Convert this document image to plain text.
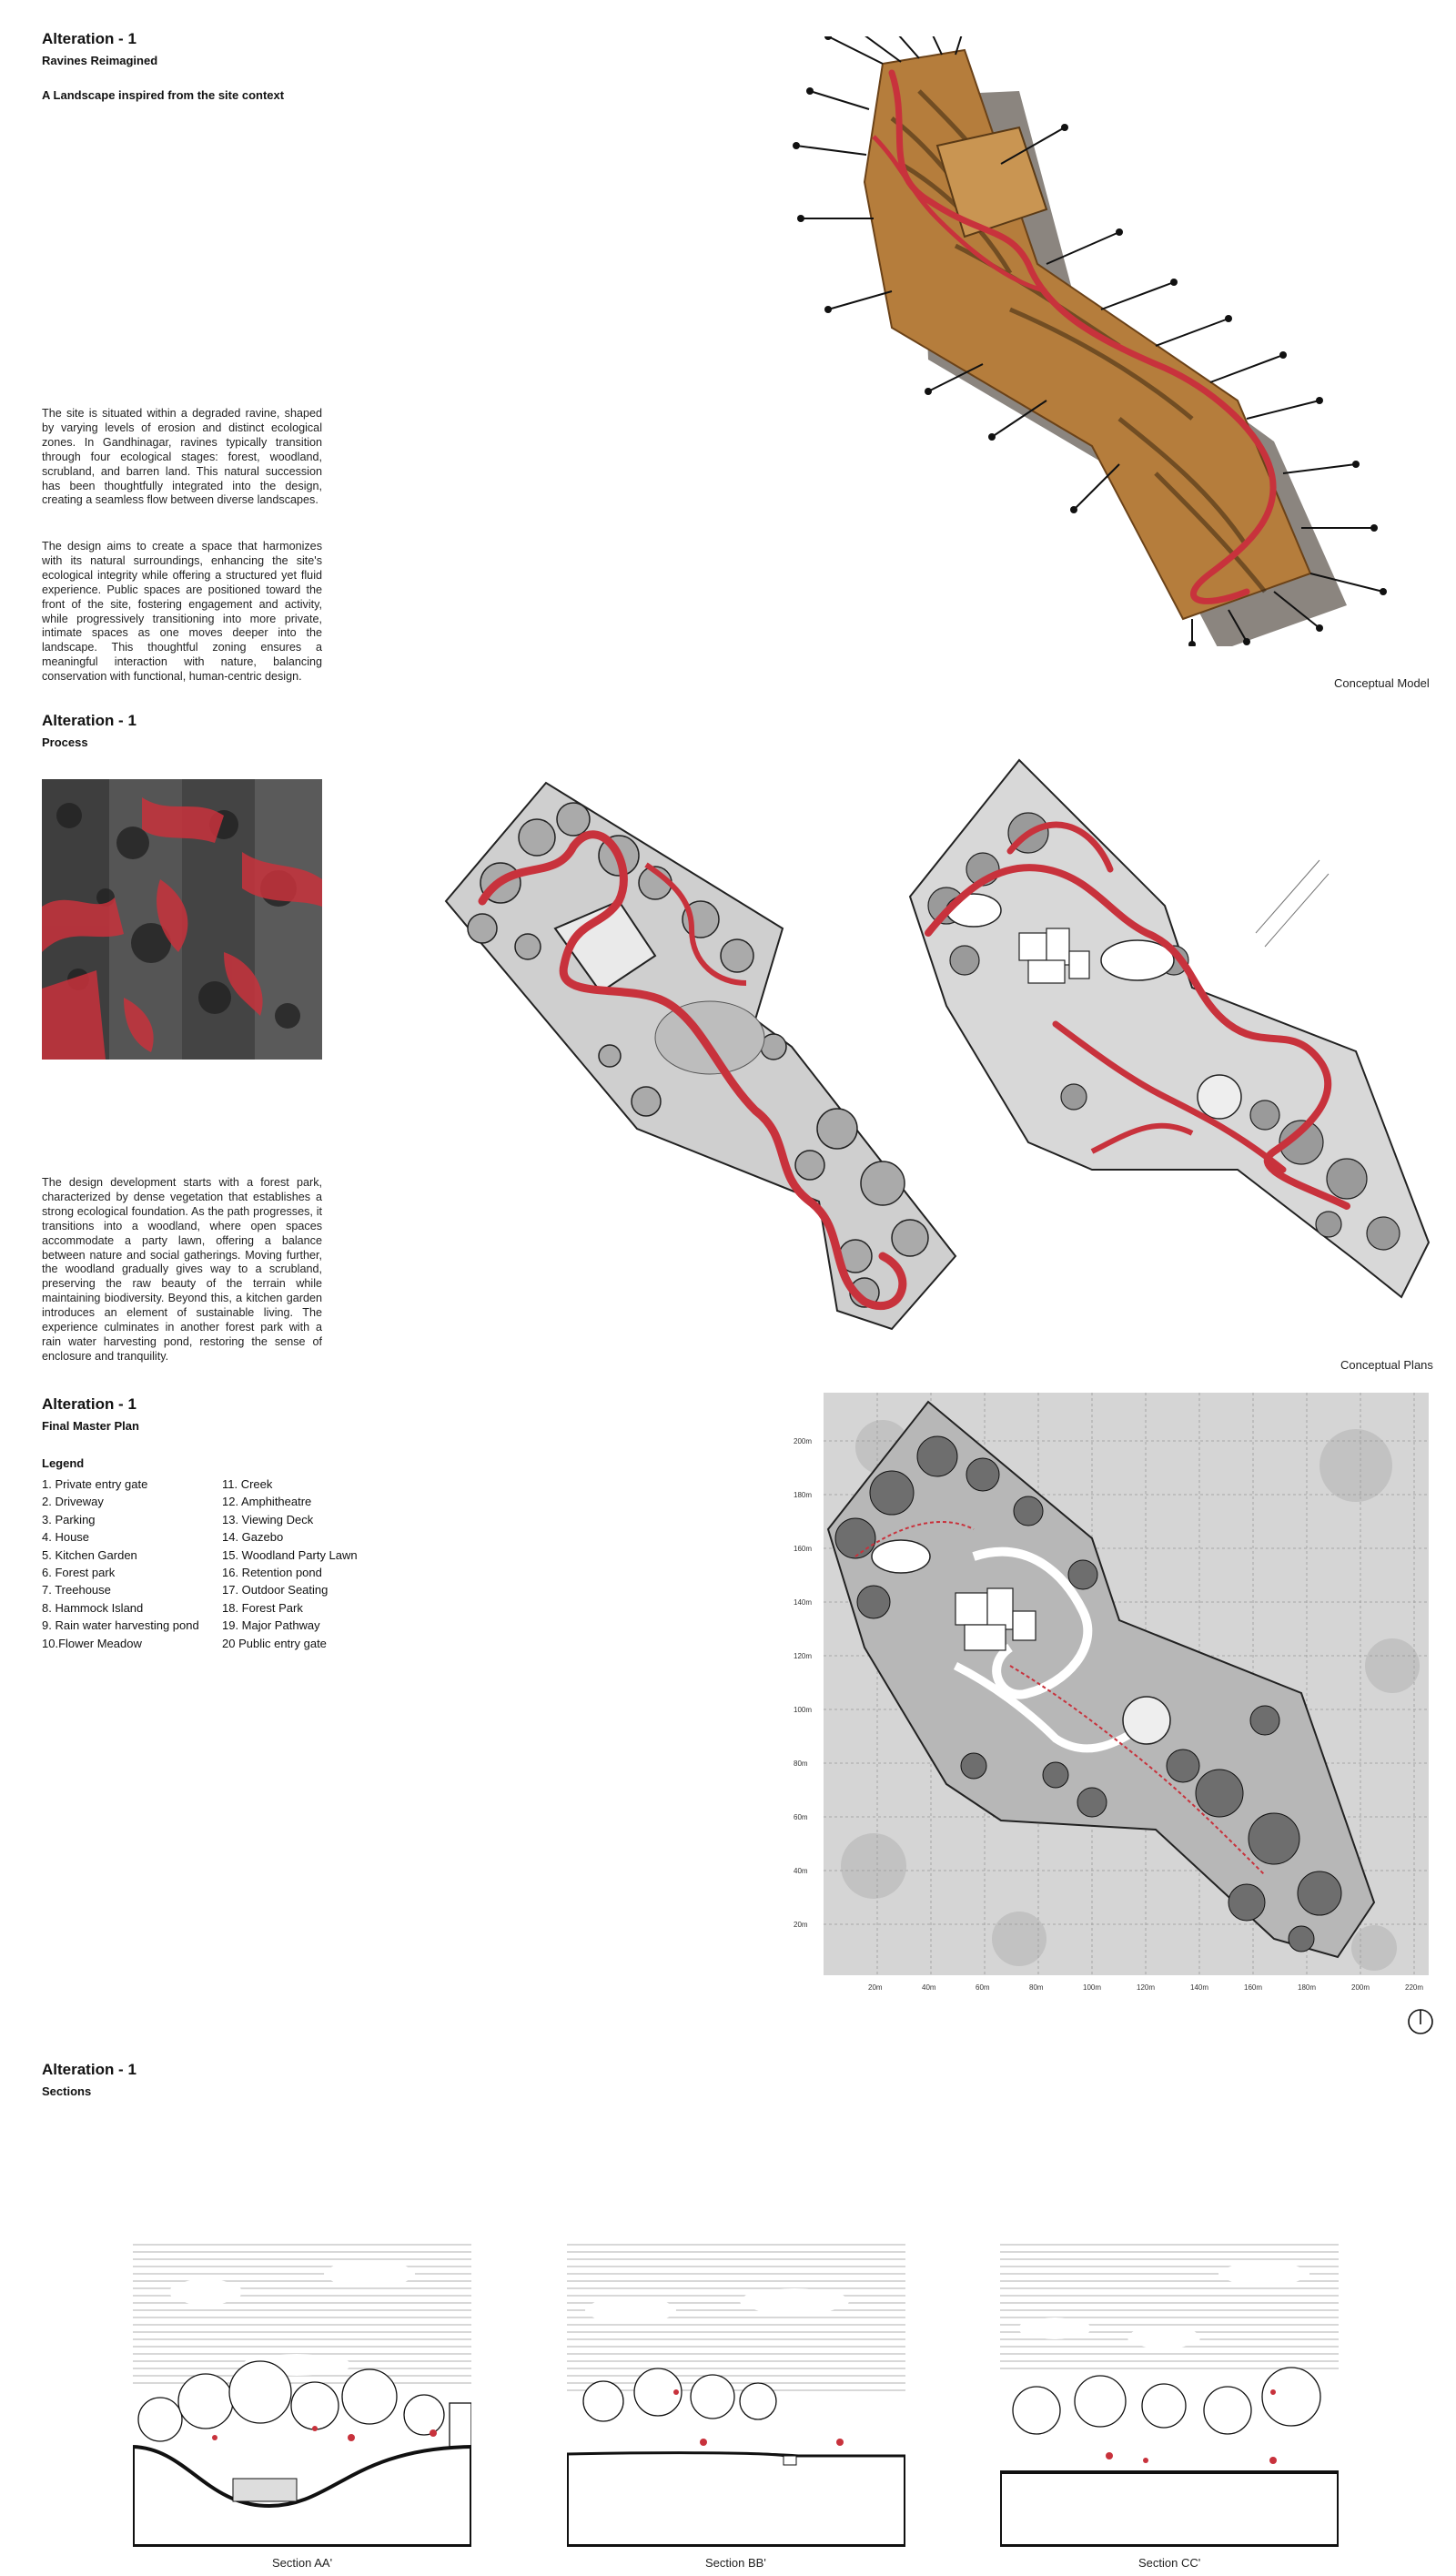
Alteration - 1
Ravines Reimagined
A Landscape inspired from the site context
The site is situated within a degraded ravine, shaped by varying levels of erosion and distinct ecological zones. In Gandhinagar, ravines typically transition through four ecological stages: forest, woodland, scrubland, and barren land. This natural succession has been thoughtfully integrated into the design, creating a seamless flow between diverse landscapes.
The design aims to create a space that harmonizes with its natural surroundings, enhancing the site's ecological integrity while offering a structured yet fluid experience. Public spaces are positioned toward the front of the site, fostering engagement and activity, while progressively transitioning into more private, intimate spaces as one moves deeper into the landscape. This thoughtful zoning ensures a meaningful interaction with nature, balancing conservation with functional, human-centric design.	Conceptual Model
Alteration - 1
Process
The design development starts with a forest park, characterized by dense vegetation that establishes a strong ecological foundation. As the path progresses, it transitions into a woodland, where open spaces accommodate a party lawn, offering a balance between nature and social gatherings. Moving further, the woodland gradually gives way to a scrubland, preserving the raw beauty of the terrain while maintaining biodiversity. Beyond this, a kitchen garden introduces an element of sustainable living. The experience culminates in another forest park with a rain water harvesting pond, restoring the sense of enclosure and tranquility.
Conceptual Plans
Alteration - 1
Final Master Plan
Legend
1. Private entry gate
2. Driveway
3. Parking
4. House
5. Kitchen Garden
6. Forest park
7. Treehouse
8. Hammock Island
9. Rain water harvesting pond
10.Flower Meadow
11. Creek
12. Amphitheatre
13. Viewing Deck
14. Gazebo
15. Woodland Party Lawn
16. Retention pond
17. Outdoor Seating
18. Forest Park
19. Major Pathway
20 Public entry gate
200m
180m
160m
140m
120m
100m
80m
60m
40m
20m
20m	40m	60m	80m	100m	120m	140m	160m	180m	200m	220m
Alteration - 1
Sections
Section AA'	Section BB'	Section CC'
